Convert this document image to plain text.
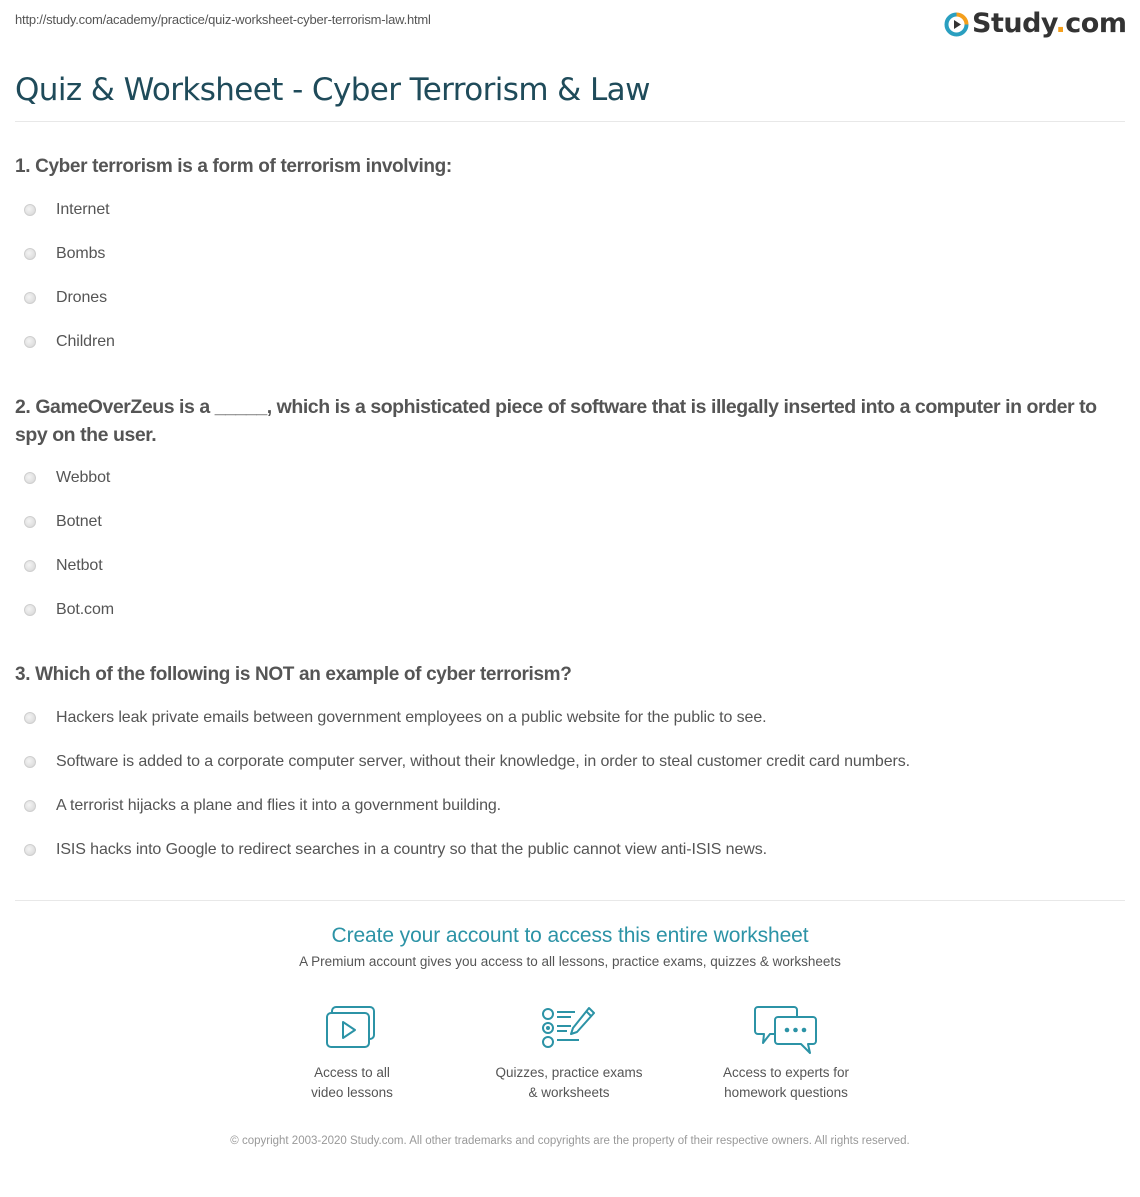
http://study.com/academy/practice/quiz-worksheet-cyber-terrorism-law.html	Study.com
Quiz & Worksheet - Cyber Terrorism & Law
1. Cyber terrorism is a form of terrorism involving:
Internet
Bombs
Drones
Children
2. GameOverZeus is a _____, which is a sophisticated piece of software that is illegally inserted into a computer in order to spy on the user.
Webbot
Botnet
Netbot
Bot.com
3. Which of the following is NOT an example of cyber terrorism?
Hackers leak private emails between government employees on a public website for the public to see.
Software is added to a corporate computer server, without their knowledge, in order to steal customer credit card numbers.
A terrorist hijacks a plane and flies it into a government building.
ISIS hacks into Google to redirect searches in a country so that the public cannot view anti-ISIS news.
Create your account to access this entire worksheet
A Premium account gives you access to all lessons, practice exams, quizzes & worksheets
Access to all
video lessons
Quizzes, practice exams
& worksheets
Access to experts for
homework questions
© copyright 2003-2020 Study.com. All other trademarks and copyrights are the property of their respective owners. All rights reserved.
